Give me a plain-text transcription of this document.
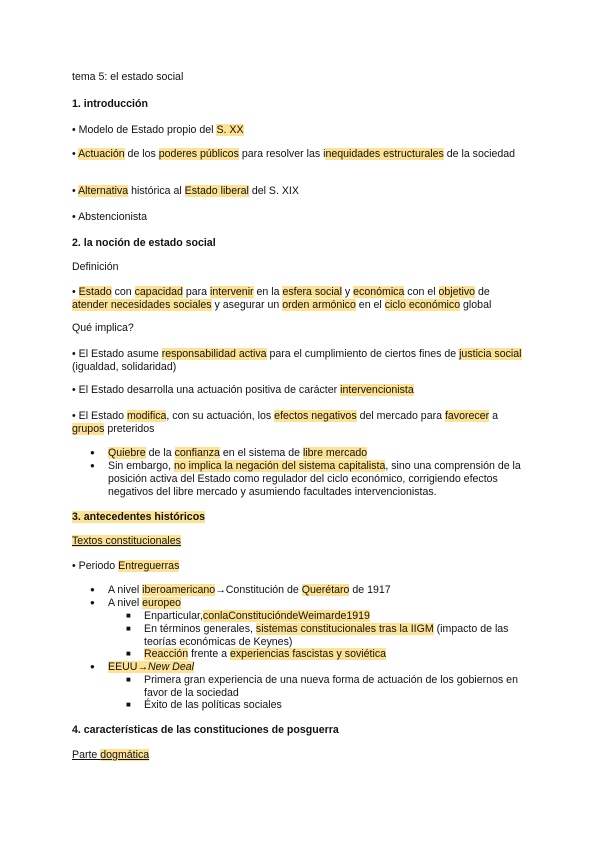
tema 5: el estado social
1. introducción
• Modelo de Estado propio del S. XX
• Actuación de los poderes públicos para resolver las inequidades estructurales de la sociedad
• Alternativa histórica al Estado liberal del S. XIX
• Abstencionista
2. la noción de estado social
Definición
• Estado con capacidad para intervenir en la esfera social y económica con el objetivo de atender necesidades sociales y asegurar un orden armónico en el ciclo económico global
Qué implica?
• El Estado asume responsabilidad activa para el cumplimiento de ciertos fines de justicia social (igualdad, solidaridad)
• El Estado desarrolla una actuación positiva de carácter intervencionista
• El Estado modifica, con su actuación, los efectos negativos del mercado para favorecer a grupos preteridos
● Quiebre de la confianza en el sistema de libre mercado
● Sin embargo, no implica la negación del sistema capitalista, sino una comprensión de la posición activa del Estado como regulador del ciclo económico, corrigiendo efectos negativos del libre mercado y asumiendo facultades intervencionistas.
3. antecedentes históricos
Textos constitucionales
• Periodo Entreguerras
● A nivel iberoamericano→Constitución de Querétaro de 1917
● A nivel europeo
■ Enparticular,conlaConstitucióndeWeimarde1919
■ En términos generales, sistemas constitucionales tras la IIGM (impacto de las teorías económicas de Keynes)
■ Reacción frente a experiencias fascistas y soviética
● EEUU→New Deal
■ Primera gran experiencia de una nueva forma de actuación de los gobiernos en favor de la sociedad
■ Éxito de las políticas sociales
4. características de las constituciones de posguerra
Parte dogmática
